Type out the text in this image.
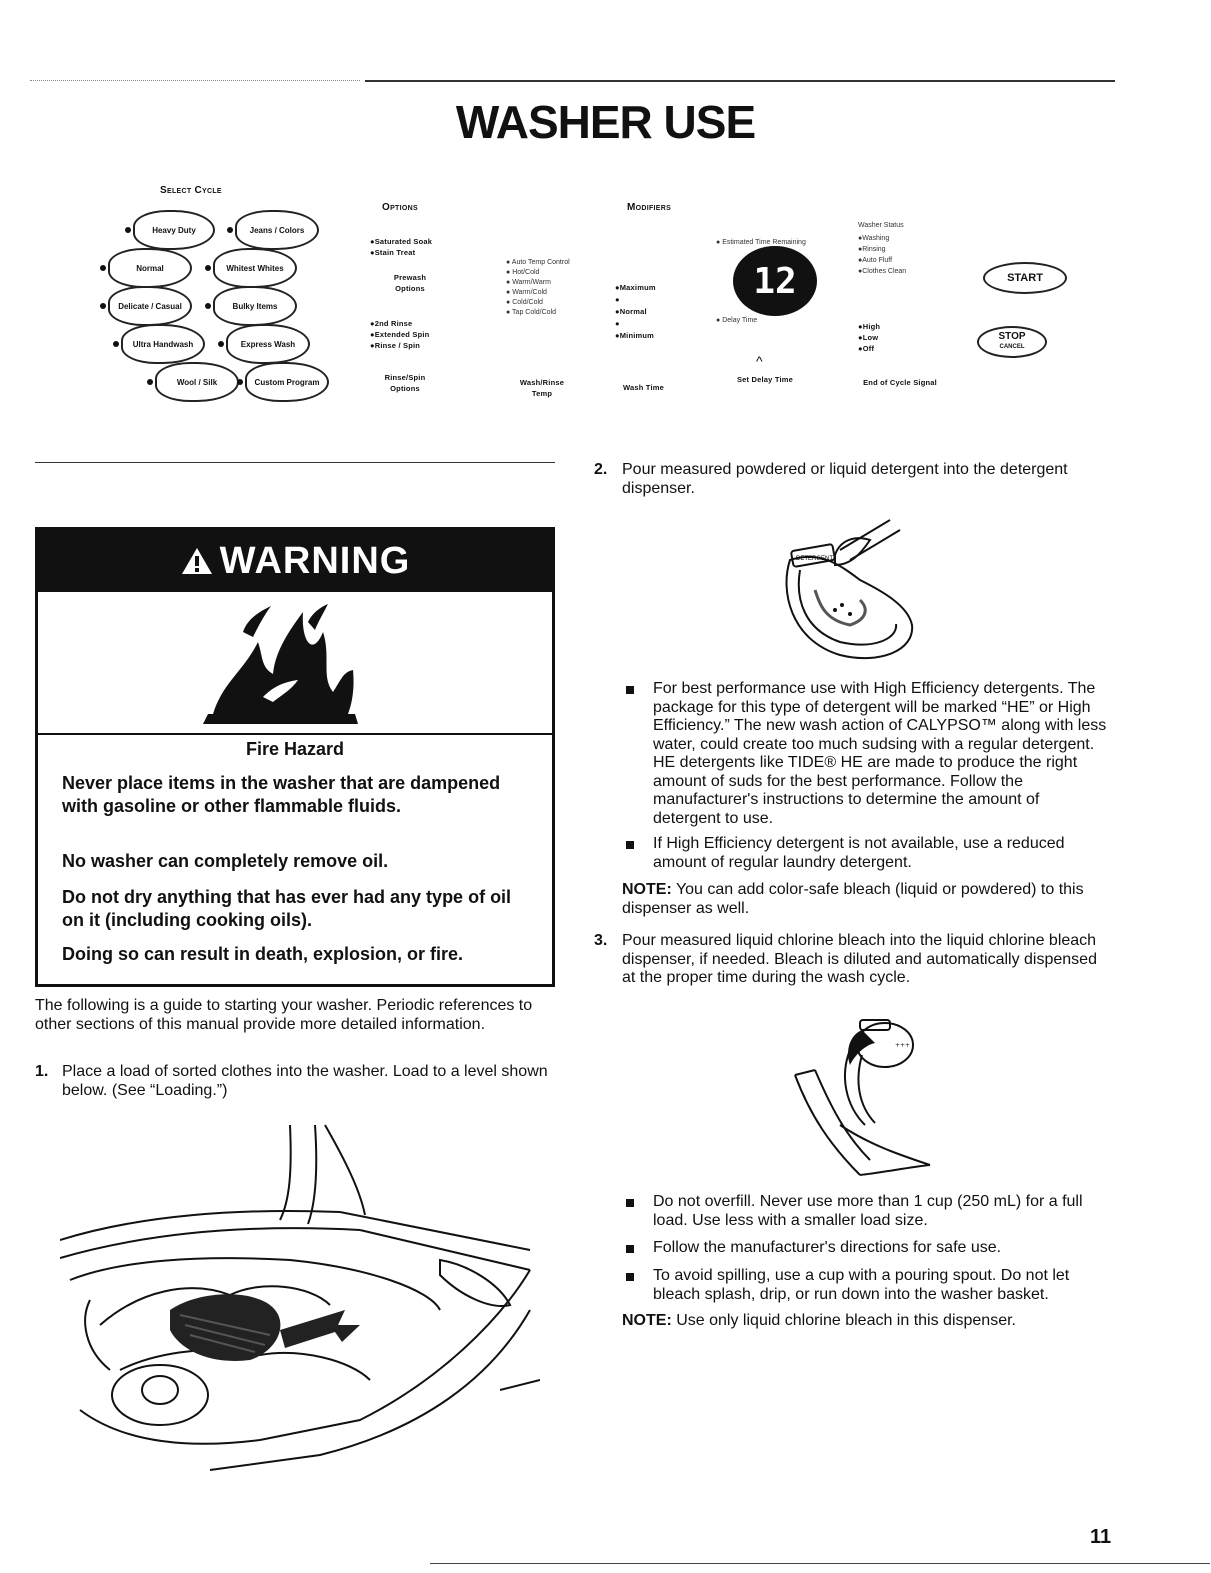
WASHER USE
Select Cycle
Heavy Duty	Jeans / Colors
Normal	Whitest Whites
Delicate / Casual	Bulky Items
Ultra Handwash	Express Wash
Wool / Silk	Custom Program
Options
●Saturated Soak
●Stain Treat
Prewash Options
●2nd Rinse
●Extended Spin
●Rinse / Spin
Rinse/Spin Options
Modifiers
● Auto Temp Control
● Hot/Cold
● Warm/Warm
● Warm/Cold
● Cold/Cold
● Tap Cold/Cold
Wash/Rinse Temp
●Maximum
●
●Normal
●
●Minimum
Wash Time
● Estimated Time Remaining
12
● Delay Time
^
Set Delay Time
Washer Status
●Washing
●Rinsing
●Auto Fluff
●Clothes Clean
●High
●Low
●Off
End of Cycle Signal
START
STOP
CANCEL
WARNING
Fire Hazard
Never place items in the washer that are dampened with gasoline or other flammable fluids.
No washer can completely remove oil.
Do not dry anything that has ever had any type of oil on it (including cooking oils).
Doing so can result in death, explosion, or fire.
The following is a guide to starting your washer. Periodic references to other sections of this manual provide more detailed information.
1. Place a load of sorted clothes into the washer. Load to a level shown below. (See “Loading.”)
2. Pour measured powdered or liquid detergent into the detergent dispenser.
DETERGENT
For best performance use with High Efficiency detergents. The package for this type of detergent will be marked “HE” or High Efficiency.” The new wash action of CALYPSO™ along with less water, could create too much sudsing with a regular detergent. HE detergents like TIDE® HE are made to produce the right amount of suds for the best performance. Follow the manufacturer's instructions to determine the amount of detergent to use.
If High Efficiency detergent is not available, use a reduced amount of regular laundry detergent.
NOTE: You can add color-safe bleach (liquid or powdered) to this dispenser as well.
3. Pour measured liquid chlorine bleach into the liquid chlorine bleach dispenser, if needed. Bleach is diluted and automatically dispensed at the proper time during the wash cycle.
+++
Do not overfill. Never use more than 1 cup (250 mL) for a full load. Use less with a smaller load size.
Follow the manufacturer's directions for safe use.
To avoid spilling, use a cup with a pouring spout. Do not let bleach splash, drip, or run down into the washer basket.
NOTE: Use only liquid chlorine bleach in this dispenser.
11
